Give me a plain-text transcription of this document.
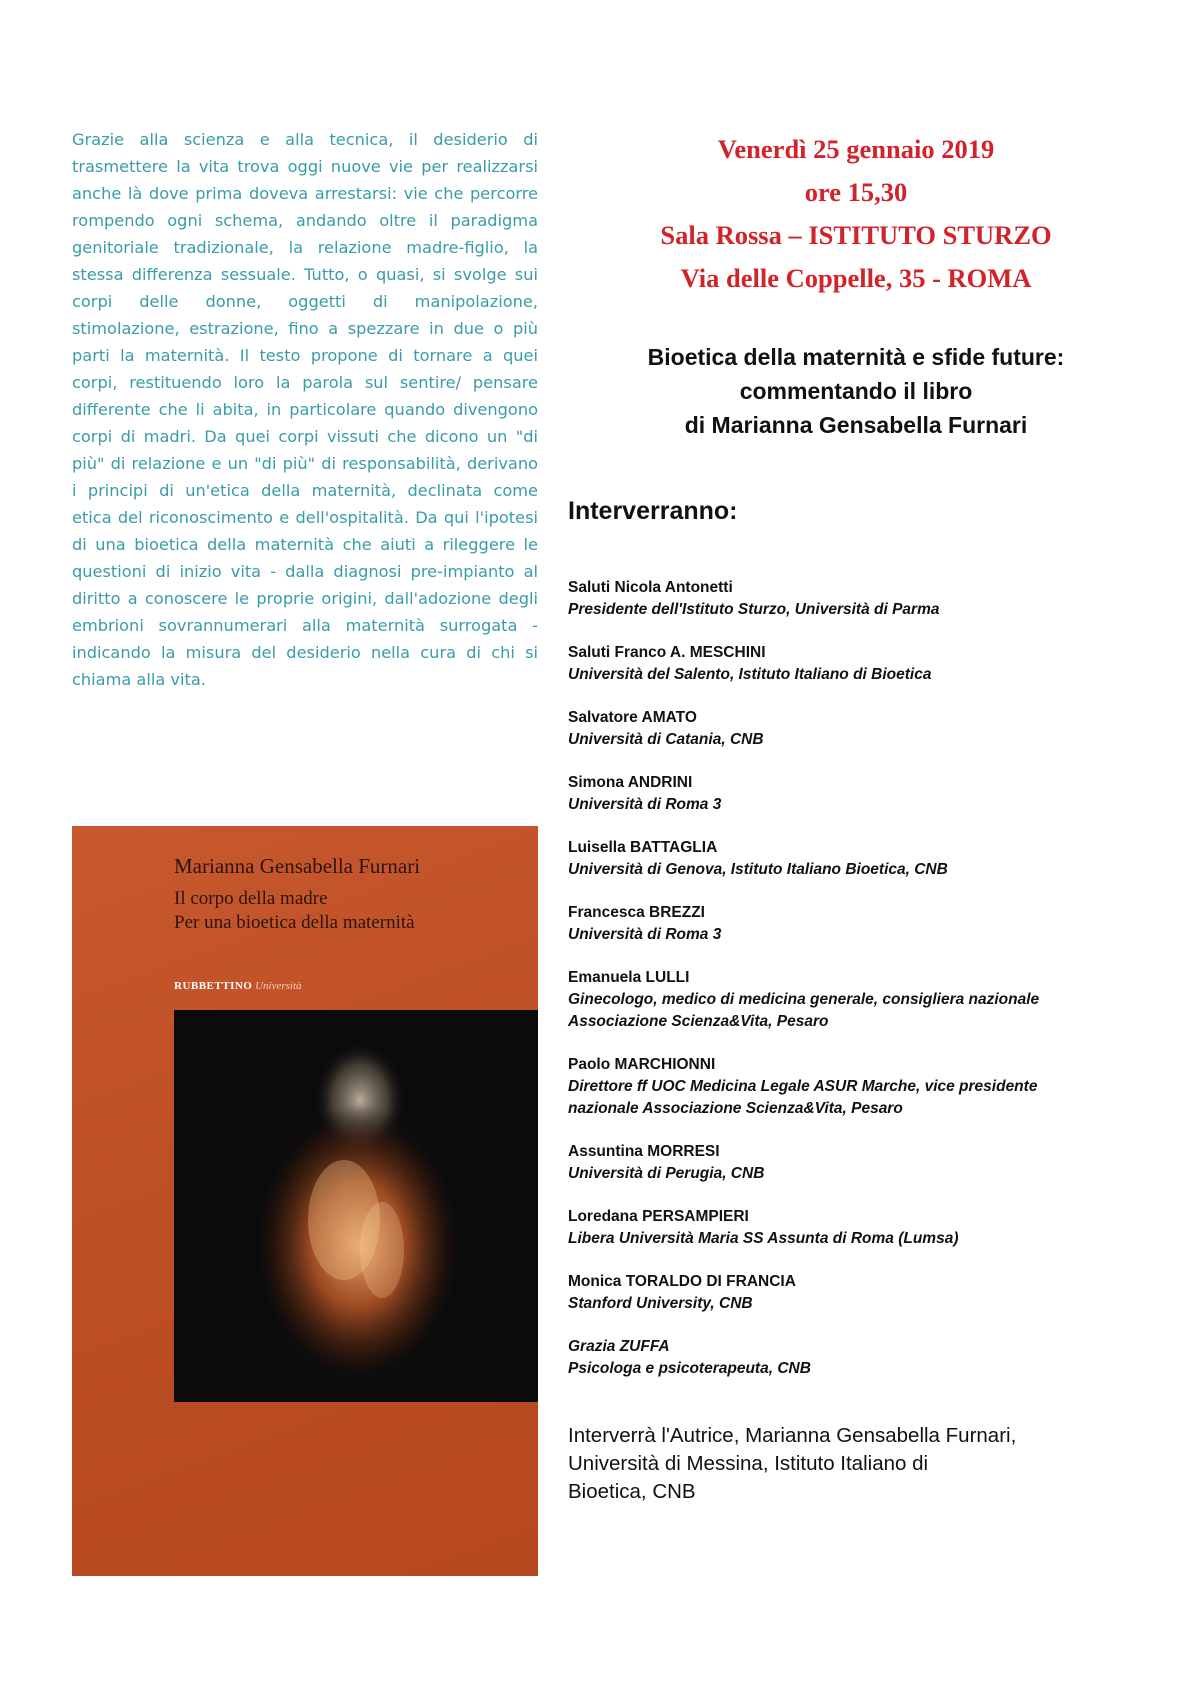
Grazie alla scienza e alla tecnica, il desiderio di trasmettere la vita trova oggi nuove vie per realizzarsi anche là dove prima doveva arrestarsi: vie che percorre rompendo ogni schema, andando oltre il paradigma genitoriale tradizionale, la relazione madre-figlio, la stessa differenza sessuale. Tutto, o quasi, si svolge sui corpi delle donne, oggetti di manipolazione, stimolazione, estrazione, fino a spezzare in due o più parti la maternità. Il testo propone di tornare a quei corpi, restituendo loro la parola sul sentire/ pensare differente che li abita, in particolare quando divengono corpi di madri. Da quei corpi vissuti che dicono un "di più" di relazione e un "di più" di responsabilità, derivano i principi di un'etica della maternità, declinata come etica del riconoscimento e dell'ospitalità. Da qui l'ipotesi di una bioetica della maternità che aiuti a rileggere le questioni di inizio vita - dalla diagnosi pre-impianto al diritto a conoscere le proprie origini, dall'adozione degli embrioni sovrannumerari alla maternità surrogata - indicando la misura del desiderio nella cura di chi si chiama alla vita.
Marianna Gensabella Furnari
Il corpo della madre
Per una bioetica della maternità
RUBBETTINO Università
Venerdì 25 gennaio 2019
ore 15,30
Sala Rossa – ISTITUTO STURZO
Via delle Coppelle, 35 - ROMA
Bioetica della maternità e sfide future:
commentando il libro
di Marianna Gensabella Furnari
Interverranno:
Saluti Nicola Antonetti
Presidente dell'Istituto Sturzo, Università di Parma
Saluti Franco A. MESCHINI
Università del Salento, Istituto Italiano di Bioetica
Salvatore AMATO
Università di Catania, CNB
Simona ANDRINI
Università di Roma 3
Luisella BATTAGLIA
Università di Genova, Istituto Italiano Bioetica, CNB
Francesca BREZZI
Università di Roma 3
Emanuela LULLI
Ginecologo, medico di medicina generale, consigliera nazionale
Associazione Scienza&Vita, Pesaro
Paolo MARCHIONNI
Direttore ff UOC Medicina Legale ASUR Marche, vice presidente
nazionale Associazione Scienza&Vita, Pesaro
Assuntina MORRESI
Università di Perugia, CNB
Loredana PERSAMPIERI
Libera Università Maria SS Assunta di Roma (Lumsa)
Monica TORALDO DI FRANCIA
Stanford University, CNB
Grazia ZUFFA
Psicologa e psicoterapeuta, CNB
Interverrà l'Autrice, Marianna Gensabella Furnari,
Università di Messina, Istituto Italiano di
Bioetica, CNB
